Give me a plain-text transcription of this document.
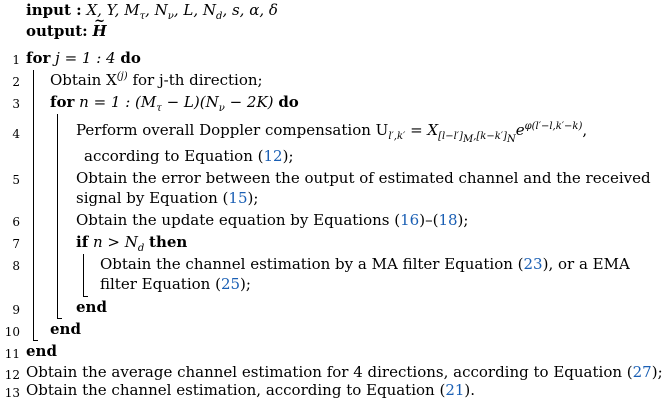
input : X, Y, $M_\tau$, $N_\nu$, L, $N_d$, s, α, δ
output: ~ H
1 for j = 1 : 4 do
2 Obtain $X^{(j)}$ for j-th direction;
3 for n = 1 : $(M_\tau - L)(N_\nu - 2K)$ do
4	Perform overall Doppler compensation $U_{l',k'} = X_{[l-l']_M,[k-k']_N}e^{\varphi(l'-l,k'-k)}$,
according to Equation (12);
5	Obtain the error between the output of estimated channel and the received
signal by Equation (15);
6	Obtain the update equation by Equations (16)–(18);
7	if $n > N_d$ then
8	Obtain the channel estimation by a MA filter Equation (23), or a EMA
filter Equation (25);
9	end
10 end
11 end
12 Obtain the average channel estimation for 4 directions, according to Equation (27);
13 Obtain the channel estimation, according to Equation (21).
